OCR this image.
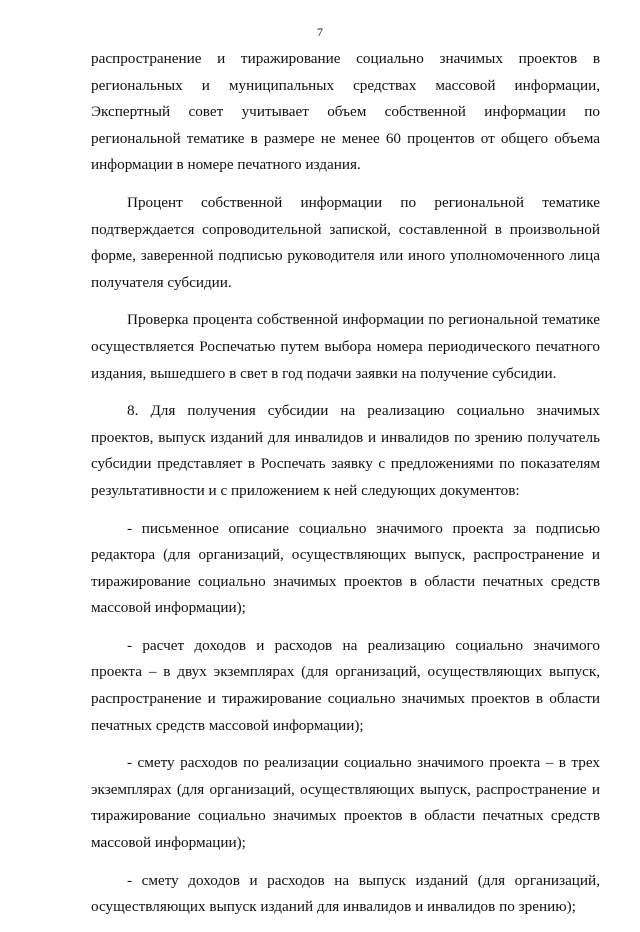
7

распространение и тиражирование социально значимых проектов в региональных и муниципальных средствах массовой информации, Экспертный совет учитывает объем собственной информации по региональной тематике в размере не менее 60 процентов от общего объема информации в номере печатного издания.

Процент собственной информации по региональной тематике подтверждается сопроводительной запиской, составленной в произвольной форме, заверенной подписью руководителя или иного уполномоченного лица получателя субсидии.

Проверка процента собственной информации по региональной тематике осуществляется Роспечатью путем выбора номера периодического печатного издания, вышедшего в свет в год подачи заявки на получение субсидии.

8. Для получения субсидии на реализацию социально значимых проектов, выпуск изданий для инвалидов и инвалидов по зрению получатель субсидии представляет в Роспечать заявку с предложениями по показателям результативности и с приложением к ней следующих документов:

- письменное описание социально значимого проекта за подписью редактора (для организаций, осуществляющих выпуск, распространение и тиражирование социально значимых проектов в области печатных средств массовой информации);

- расчет доходов и расходов на реализацию социально значимого проекта – в двух экземплярах (для организаций, осуществляющих выпуск, распространение и тиражирование социально значимых проектов в области печатных средств массовой информации);

- смету расходов по реализации социально значимого проекта – в трех экземплярах (для организаций, осуществляющих выпуск, распространение и тиражирование социально значимых проектов в области печатных средств массовой информации);

- смету доходов и расходов на выпуск изданий (для организаций, осуществляющих выпуск изданий для инвалидов и инвалидов по зрению);
